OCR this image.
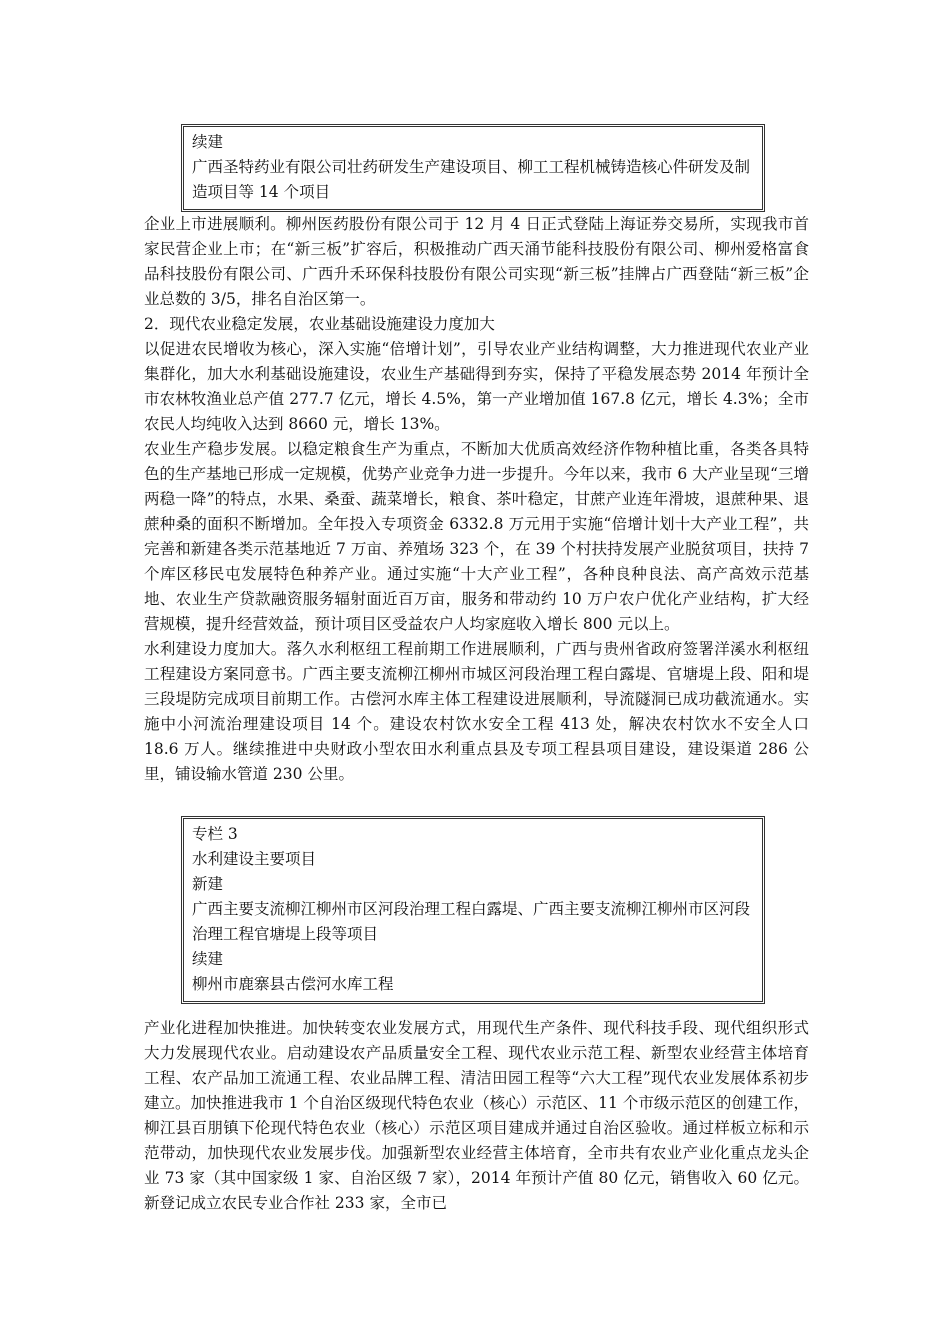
续建

广西圣特药业有限公司壮药研发生产建设项目、柳工工程机械铸造核心件研发及制造项目等 14 个项目

企业上市进展顺利。柳州医药股份有限公司于 12 月 4 日正式登陆上海证券交易所，实现我市首家民营企业上市；在“新三板”扩容后，积极推动广西天涌节能科技股份有限公司、柳州爱格富食品科技股份有限公司、广西升禾环保科技股份有限公司实现“新三板”挂牌占广西登陆“新三板”企业总数的 3/5，排名自治区第一。

2．现代农业稳定发展，农业基础设施建设力度加大

以促进农民增收为核心，深入实施“倍增计划”，引导农业产业结构调整，大力推进现代农业产业集群化，加大水利基础设施建设，农业生产基础得到夯实，保持了平稳发展态势 2014 年预计全市农林牧渔业总产值 277.7 亿元，增长 4.5%，第一产业增加值 167.8 亿元，增长 4.3%；全市农民人均纯收入达到 8660 元，增长 13%。

农业生产稳步发展。以稳定粮食生产为重点，不断加大优质高效经济作物种植比重，各类各具特色的生产基地已形成一定规模，优势产业竞争力进一步提升。今年以来，我市 6 大产业呈现“三增两稳一降”的特点，水果、桑蚕、蔬菜增长，粮食、茶叶稳定，甘蔗产业连年滑坡，退蔗种果、退蔗种桑的面积不断增加。全年投入专项资金 6332.8 万元用于实施“倍增计划十大产业工程”，共完善和新建各类示范基地近 7 万亩、养殖场 323 个，在 39 个村扶持发展产业脱贫项目，扶持 7 个库区移民屯发展特色种养产业。通过实施“十大产业工程”，各种良种良法、高产高效示范基地、农业生产贷款融资服务辐射面近百万亩，服务和带动约 10 万户农户优化产业结构，扩大经营规模，提升经营效益，预计项目区受益农户人均家庭收入增长 800 元以上。

水利建设力度加大。落久水利枢纽工程前期工作进展顺利，广西与贵州省政府签署洋溪水利枢纽工程建设方案同意书。广西主要支流柳江柳州市城区河段治理工程白露堤、官塘堤上段、阳和堤三段堤防完成项目前期工作。古偿河水库主体工程建设进展顺利，导流隧洞已成功截流通水。实施中小河流治理建设项目 14 个。建设农村饮水安全工程 413 处，解决农村饮水不安全人口 18.6 万人。继续推进中央财政小型农田水利重点县及专项工程县项目建设，建设渠道 286 公里，铺设输水管道 230 公里。

专栏 3

水利建设主要项目

新建

广西主要支流柳江柳州市区河段治理工程白露堤、广西主要支流柳江柳州市区河段治理工程官塘堤上段等项目

续建

柳州市鹿寨县古偿河水库工程

产业化进程加快推进。加快转变农业发展方式，用现代生产条件、现代科技手段、现代组织形式大力发展现代农业。启动建设农产品质量安全工程、现代农业示范工程、新型农业经营主体培育工程、农产品加工流通工程、农业品牌工程、清洁田园工程等“六大工程”现代农业发展体系初步建立。加快推进我市 1 个自治区级现代特色农业（核心）示范区、11 个市级示范区的创建工作，柳江县百朋镇下伦现代特色农业（核心）示范区项目建成并通过自治区验收。通过样板立标和示范带动，加快现代农业发展步伐。加强新型农业经营主体培育，全市共有农业产业化重点龙头企业 73 家（其中国家级 1 家、自治区级 7 家），2014 年预计产值 80 亿元，销售收入 60 亿元。新登记成立农民专业合作社 233 家，全市已
